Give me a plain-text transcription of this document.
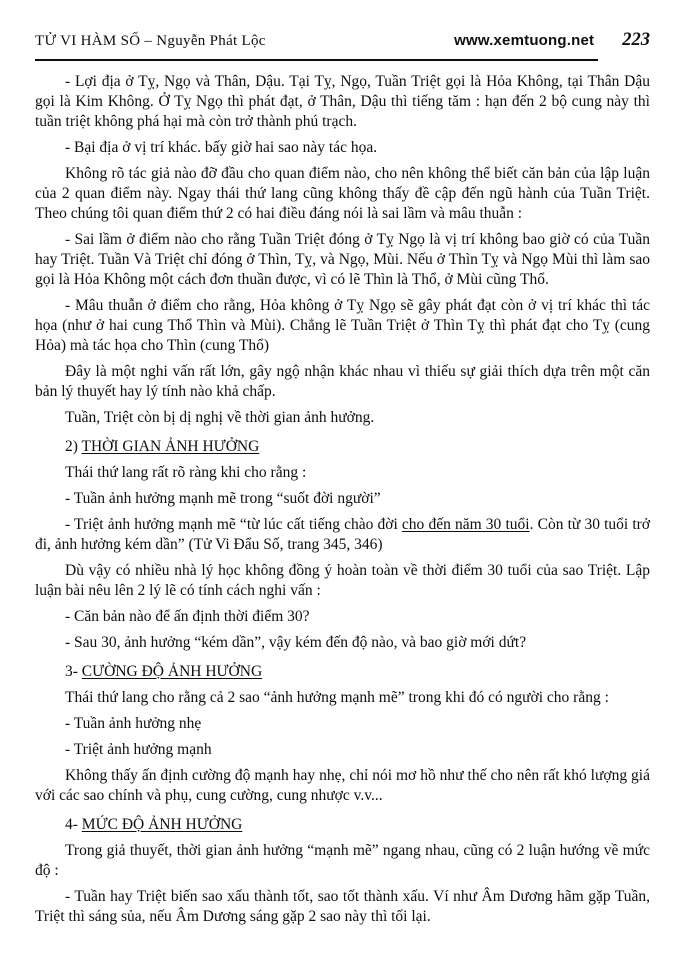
TỬ VI HÀM SỐ – Nguyễn Phát Lộc	www.xemtuong.net 223

- Lợi địa ở Tỵ, Ngọ và Thân, Dậu. Tại Tỵ, Ngọ, Tuần Triệt gọi là Hỏa Không, tại Thân Dậu gọi là Kim Không. Ở Tỵ Ngọ thì phát đạt, ở Thân, Dậu thì tiếng tăm : hạn đến 2 bộ cung này thì tuần triệt không phá hại mà còn trở thành phú trạch.

- Bại địa ở vị trí khác. bấy giờ hai sao này tác họa.

Không rõ tác giả nào đỡ đầu cho quan điểm nào, cho nên không thể biết căn bản của lập luận của 2 quan điểm này. Ngay thái thứ lang cũng không thấy đề cập đến ngũ hành của Tuần Triệt. Theo chúng tôi quan điểm thứ 2 có hai điều đáng nói là sai lầm và mâu thuẫn :

- Sai lầm ở điểm nào cho rằng Tuần Triệt đóng ở Tỵ Ngọ là vị trí không bao giờ có của Tuần hay Triệt. Tuần Và Triệt chỉ đóng ở Thìn, Tỵ, và Ngọ, Mùi. Nếu ở Thìn Tỵ và Ngọ Mùi thì làm sao gọi là Hỏa Không một cách đơn thuần được, vì có lẽ Thìn là Thổ, ở Mùi cũng Thổ.

- Mâu thuẫn ở điểm cho rằng, Hỏa không ở Tỵ Ngọ sẽ gây phát đạt còn ở vị trí khác thì tác họa (như ở hai cung Thổ Thìn và Mùi). Chẳng lẽ Tuần Triệt ở Thìn Tỵ thì phát đạt cho Tỵ (cung Hỏa) mà tác họa cho Thìn (cung Thổ)

Đây là một nghi vấn rất lớn, gây ngộ nhận khác nhau vì thiếu sự giải thích dựa trên một căn bản lý thuyết hay lý tính nào khả chấp.

Tuần, Triệt còn bị dị nghị về thời gian ảnh hưởng.

2) THỜI GIAN ẢNH HƯỞNG

Thái thứ lang rất rõ ràng khi cho rằng :

- Tuần ảnh hưởng mạnh mẽ trong “suốt đời người”

- Triệt ảnh hưởng mạnh mẽ “từ lúc cất tiếng chào đời cho đến năm 30 tuổi. Còn từ 30 tuổi trở đi, ảnh hưởng kém dần” (Tử Vi Đẩu Số, trang 345, 346)

Dù vậy có nhiều nhà lý học không đồng ý hoàn toàn về thời điểm 30 tuổi của sao Triệt. Lập luận bài nêu lên 2 lý lẽ có tính cách nghi vấn :

- Căn bản nào để ấn định thời điểm 30?

- Sau 30, ảnh hưởng “kém dần”, vậy kém đến độ nào, và bao giờ mới dứt?

3- CƯỜNG ĐỘ ẢNH HƯỞNG

Thái thứ lang cho rằng cả 2 sao “ảnh hưởng mạnh mẽ” trong khi đó có người cho rằng :

- Tuần ảnh hưởng nhẹ

- Triệt ảnh hưởng mạnh

Không thấy ấn định cường độ mạnh hay nhẹ, chỉ nói mơ hồ như thế cho nên rất khó lượng giá với các sao chính và phụ, cung cường, cung nhược v.v...

4- MỨC ĐỘ ẢNH HƯỞNG

Trong giả thuyết, thời gian ảnh hưởng “mạnh mẽ” ngang nhau, cũng có 2 luận hướng về mức độ :

- Tuần hay Triệt biến sao xấu thành tốt, sao tốt thành xấu. Ví như Âm Dương hãm gặp Tuần, Triệt thì sáng sủa, nếu Âm Dương sáng gặp 2 sao này thì tối lại.
